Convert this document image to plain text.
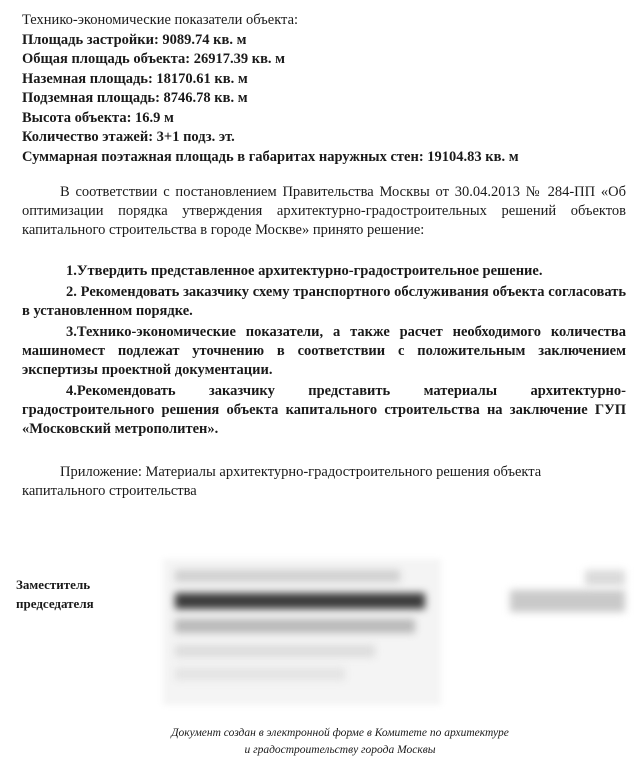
Технико-экономические показатели объекта:
Площадь застройки: 9089.74 кв. м
Общая площадь объекта: 26917.39 кв. м
Наземная площадь: 18170.61 кв. м
Подземная площадь: 8746.78 кв. м
Высота объекта: 16.9 м
Количество этажей: 3+1 подз. эт.
Суммарная поэтажная площадь в габаритах наружных стен: 19104.83 кв. м
В соответствии с постановлением Правительства Москвы от 30.04.2013 № 284-ПП «Об оптимизации порядка утверждения архитектурно-градостроительных решений объектов капитального строительства в городе Москве» принято решение:
1.Утвердить представленное архитектурно-градостроительное решение.
2. Рекомендовать заказчику схему транспортного обслуживания объекта согласовать в установленном порядке.
3.Технико-экономические показатели, а также расчет необходимого количества машиномест подлежат уточнению в соответствии с положительным заключением экспертизы проектной документации.
4.Рекомендовать заказчику представить материалы архитектурно-градостроительного решения объекта капитального строительства на заключение ГУП «Московский метрополитен».
Приложение: Материалы архитектурно-градостроительного решения объекта капитального строительства
Заместитель
председателя
Документ создан в электронной форме в Комитете по архитектуре
и градостроительству города Москвы
